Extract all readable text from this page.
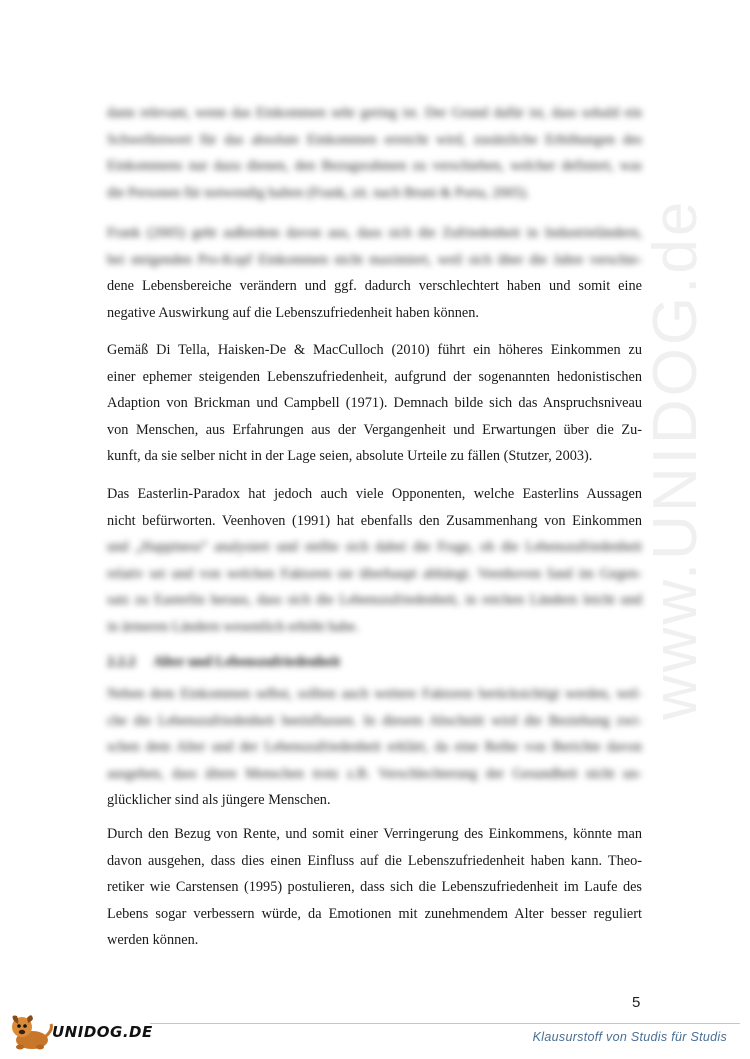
www.UNIDOG.de
dann relevant, wenn das Einkommen sehr gering ist. Der Grund dafür ist, dass sobald ein
Schwellenwert für das absolute Einkommen erreicht wird, zusätzliche Erhöhungen des
Einkommens nur dazu dienen, den Bezugsrahmen zu verschieben, welcher definiert, was
die Personen für notwendig halten (Frank, zit. nach Bruni & Porta, 2005).
Frank (2005) geht außerdem davon aus, dass sich die Zufriedenheit in Industrieländern,
bei steigenden Pro-Kopf Einkommen nicht maximiert, weil sich über die Jahre verschie-
dene Lebensbereiche verändern und ggf. dadurch verschlechtert haben und somit eine
negative Auswirkung auf die Lebenszufriedenheit haben können.
Gemäß Di Tella, Haisken-De & MacCulloch (2010) führt ein höheres Einkommen zu
einer ephemer steigenden Lebenszufriedenheit, aufgrund der sogenannten hedonistischen
Adaption von Brickman und Campbell (1971). Demnach bilde sich das Anspruchsniveau
von Menschen, aus Erfahrungen aus der Vergangenheit und Erwartungen über die Zu-
kunft, da sie selber nicht in der Lage seien, absolute Urteile zu fällen (Stutzer, 2003).
Das Easterlin-Paradox hat jedoch auch viele Opponenten, welche Easterlins Aussagen
nicht befürworten. Veenhoven (1991) hat ebenfalls den Zusammenhang von Einkommen
und „Happiness“ analysiert und stellte sich dabei die Frage, ob die Lebenszufriedenheit
relativ sei und von welchen Faktoren sie überhaupt abhängt. Veenhoven fand im Gegen-
satz zu Easterlin heraus, dass sich die Lebenszufriedenheit, in reichen Ländern leicht und
in ärmeren Ländern wesentlich erhöht habe.
2.2.2 Alter und Lebenszufriedenheit
Neben dem Einkommen selbst, sollten auch weitere Faktoren berücksichtigt werden, wel-
che die Lebenszufriedenheit beeinflussen. In diesem Abschnitt wird die Beziehung zwi-
schen dem Alter und der Lebenszufriedenheit erklärt, da eine Reihe von Berichte davon
ausgehen, dass ältere Menschen trotz z.B. Verschlechterung der Gesundheit nicht un-
glücklicher sind als jüngere Menschen.
Durch den Bezug von Rente, und somit einer Verringerung des Einkommens, könnte man
davon ausgehen, dass dies einen Einfluss auf die Lebenszufriedenheit haben kann. Theo-
retiker wie Carstensen (1995) postulieren, dass sich die Lebenszufriedenheit im Laufe des
Lebens sogar verbessern würde, da Emotionen mit zunehmendem Alter besser reguliert
werden können.
5
UNIDOG.DE	Klausurstoff von Studis für Studis
